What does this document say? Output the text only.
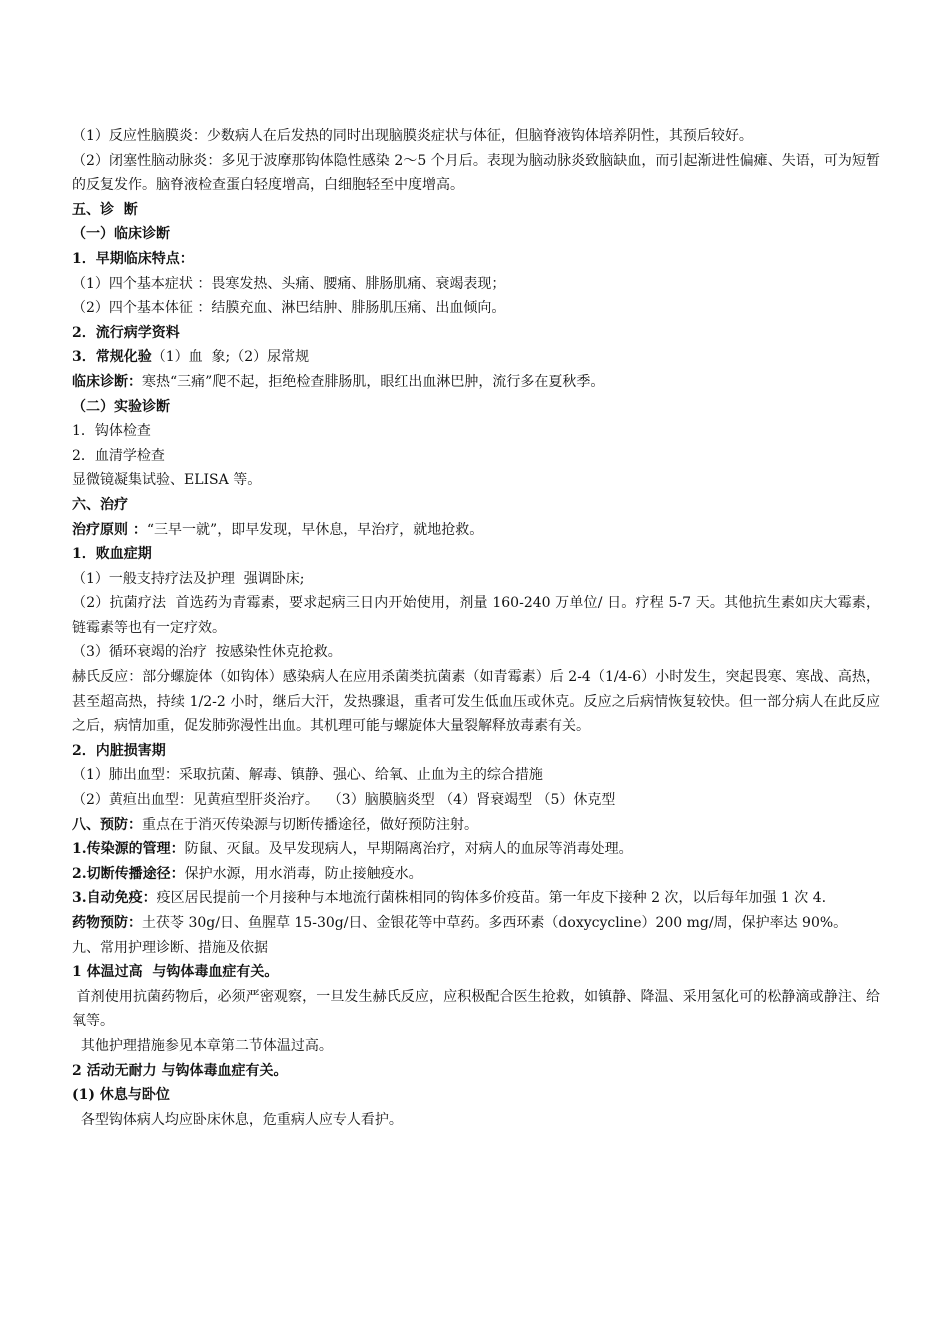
（1）反应性脑膜炎：少数病人在后发热的同时出现脑膜炎症状与体征，但脑脊液钩体培养阴性，其预后较好。

（2）闭塞性脑动脉炎：多见于波摩那钩体隐性感染 2～5 个月后。表现为脑动脉炎致脑缺血，而引起渐进性偏瘫、失语，可为短暂的反复发作。脑脊液检查蛋白轻度增高，白细胞轻至中度增高。

五、诊  断

（一）临床诊断

1．早期临床特点：

（1）四个基本症状 ：畏寒发热、头痛、腰痛、腓肠肌痛、衰竭表现；

（2）四个基本体征 ：结膜充血、淋巴结肿、腓肠肌压痛、出血倾向。

2．流行病学资料

3．常规化验（1）血  象;（2）尿常规

临床诊断：寒热“三痛”爬不起，拒绝检查腓肠肌，眼红出血淋巴肿，流行多在夏秋季。

（二）实验诊断

1．钩体检查

2．血清学检查

显微镜凝集试验、ELISA 等。

六、治疗

治疗原则 ：“三早一就”，即早发现，早休息，早治疗，就地抢救。

1．败血症期

（1）一般支持疗法及护理  强调卧床;

（2）抗菌疗法  首选药为青霉素，要求起病三日内开始使用，剂量 160-240 万单位/ 日。疗程 5-7 天。其他抗生素如庆大霉素，链霉素等也有一定疗效。

（3）循环衰竭的治疗  按感染性休克抢救。

赫氏反应：部分螺旋体（如钩体）感染病人在应用杀菌类抗菌素（如青霉素）后 2-4（1/4-6）小时发生，突起畏寒、寒战、高热，甚至超高热，持续 1/2-2 小时，继后大汗，发热骤退，重者可发生低血压或休克。反应之后病情恢复较快。但一部分病人在此反应之后，病情加重，促发肺弥漫性出血。其机理可能与螺旋体大量裂解释放毒素有关。

2．内脏损害期

（1）肺出血型：采取抗菌、解毒、镇静、强心、给氧、止血为主的综合措施

（2）黄疸出血型：见黄疸型肝炎治疗。  （3）脑膜脑炎型 （4）肾衰竭型 （5）休克型

八、预防：重点在于消灭传染源与切断传播途径，做好预防注射。

1.传染源的管理：防鼠、灭鼠。及早发现病人，早期隔离治疗，对病人的血尿等消毒处理。

2.切断传播途径：保护水源，用水消毒，防止接触疫水。

3.自动免疫：疫区居民提前一个月接种与本地流行菌株相同的钩体多价疫苗。第一年皮下接种 2 次，以后每年加强 1 次 4.

药物预防：土茯苓 30g/日、鱼腥草 15-30g/日、金银花等中草药。多西环素（doxycycline）200 mg/周，保护率达 90%。

九、常用护理诊断、措施及依据

1 体温过高  与钩体毒血症有关。

首剂使用抗菌药物后，必须严密观察，一旦发生赫氏反应，应积极配合医生抢救，如镇静、降温、采用氢化可的松静滴或静注、给氧等。

其他护理措施参见本章第二节体温过高。

2 活动无耐力 与钩体毒血症有关。

(1) 休息与卧位

各型钩体病人均应卧床休息，危重病人应专人看护。
